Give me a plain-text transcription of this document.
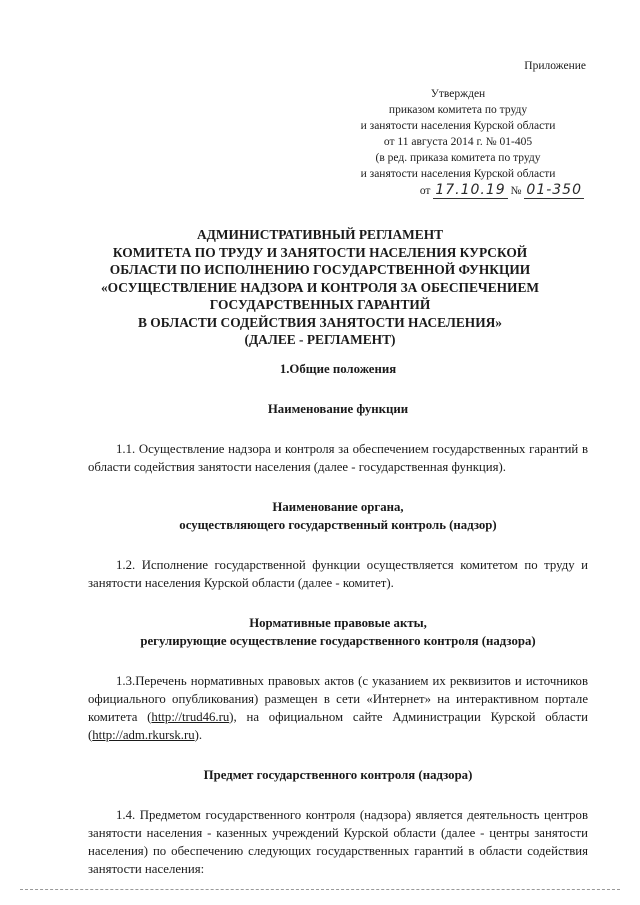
Приложение
Утвержден
приказом комитета по труду
и занятости населения Курской области
от 11 августа 2014 г. № 01-405
(в ред. приказа комитета по труду
и занятости населения Курской области
от 17.10.19 № 01-350
АДМИНИСТРАТИВНЫЙ РЕГЛАМЕНТ
КОМИТЕТА ПО ТРУДУ И ЗАНЯТОСТИ НАСЕЛЕНИЯ КУРСКОЙ
ОБЛАСТИ ПО ИСПОЛНЕНИЮ ГОСУДАРСТВЕННОЙ ФУНКЦИИ
«ОСУЩЕСТВЛЕНИЕ НАДЗОРА И КОНТРОЛЯ ЗА ОБЕСПЕЧЕНИЕМ
ГОСУДАРСТВЕННЫХ ГАРАНТИЙ
В ОБЛАСТИ СОДЕЙСТВИЯ ЗАНЯТОСТИ НАСЕЛЕНИЯ»
(ДАЛЕЕ - РЕГЛАМЕНТ)
1.Общие положения
Наименование функции

1.1. Осуществление надзора и контроля за обеспечением государственных гарантий в области содействия занятости населения (далее - государственная функция).

Наименование органа,
осуществляющего государственный контроль (надзор)

1.2. Исполнение государственной функции осуществляется комитетом по труду и занятости населения Курской области (далее - комитет).

Нормативные правовые акты,
регулирующие осуществление государственного контроля (надзора)

1.3.Перечень нормативных правовых актов (с указанием их реквизитов и источников официального опубликования) размещен в сети «Интернет» на интерактивном портале комитета (http://trud46.ru), на официальном сайте Администрации Курской области (http://adm.rkursk.ru).

Предмет государственного контроля (надзора)

1.4. Предметом государственного контроля (надзора) является деятельность центров занятости населения - казенных учреждений Курской области (далее - центры занятости населения) по обеспечению следующих государственных гарантий в области содействия занятости населения:
